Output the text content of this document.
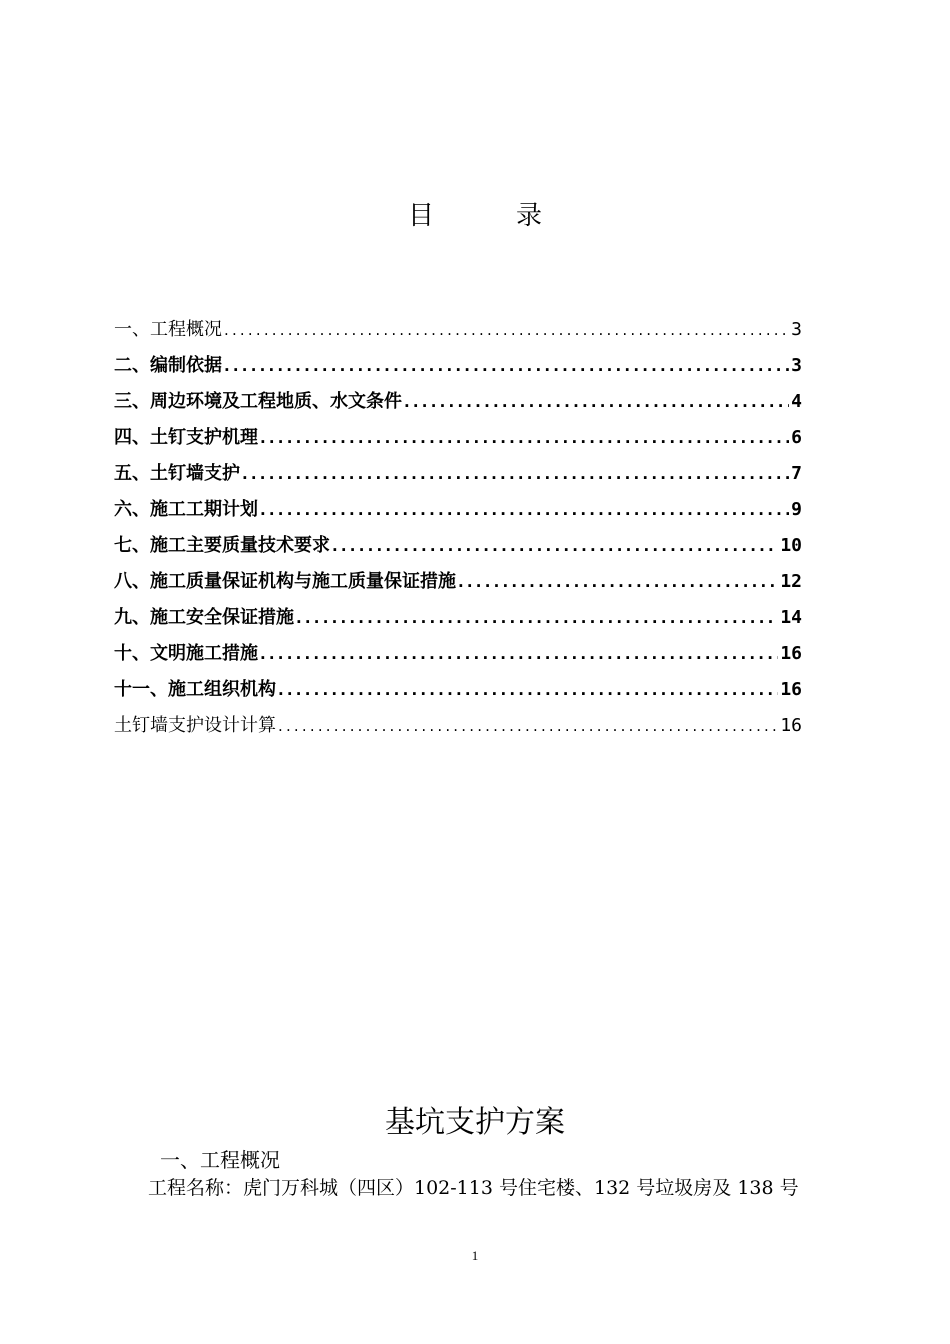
目	录
一、工程概况 .....	3
二、编制依据 .....	3
三、周边环境及工程地质、水文条件 .....	4
四、土钉支护机理 .....	6
五、土钉墙支护 .....	7
六、施工工期计划 .....	9
七、施工主要质量技术要求 .....	10
八、施工质量保证机构与施工质量保证措施 .....	12
九、施工安全保证措施 .....	14
十、文明施工措施 .....	16
十一、施工组织机构 .....	16
土钉墙支护设计计算 .....	16
基坑支护方案
一、工程概况
工程名称：虎门万科城（四区）102-113 号住宅楼、132 号垃圾房及 138 号
1
